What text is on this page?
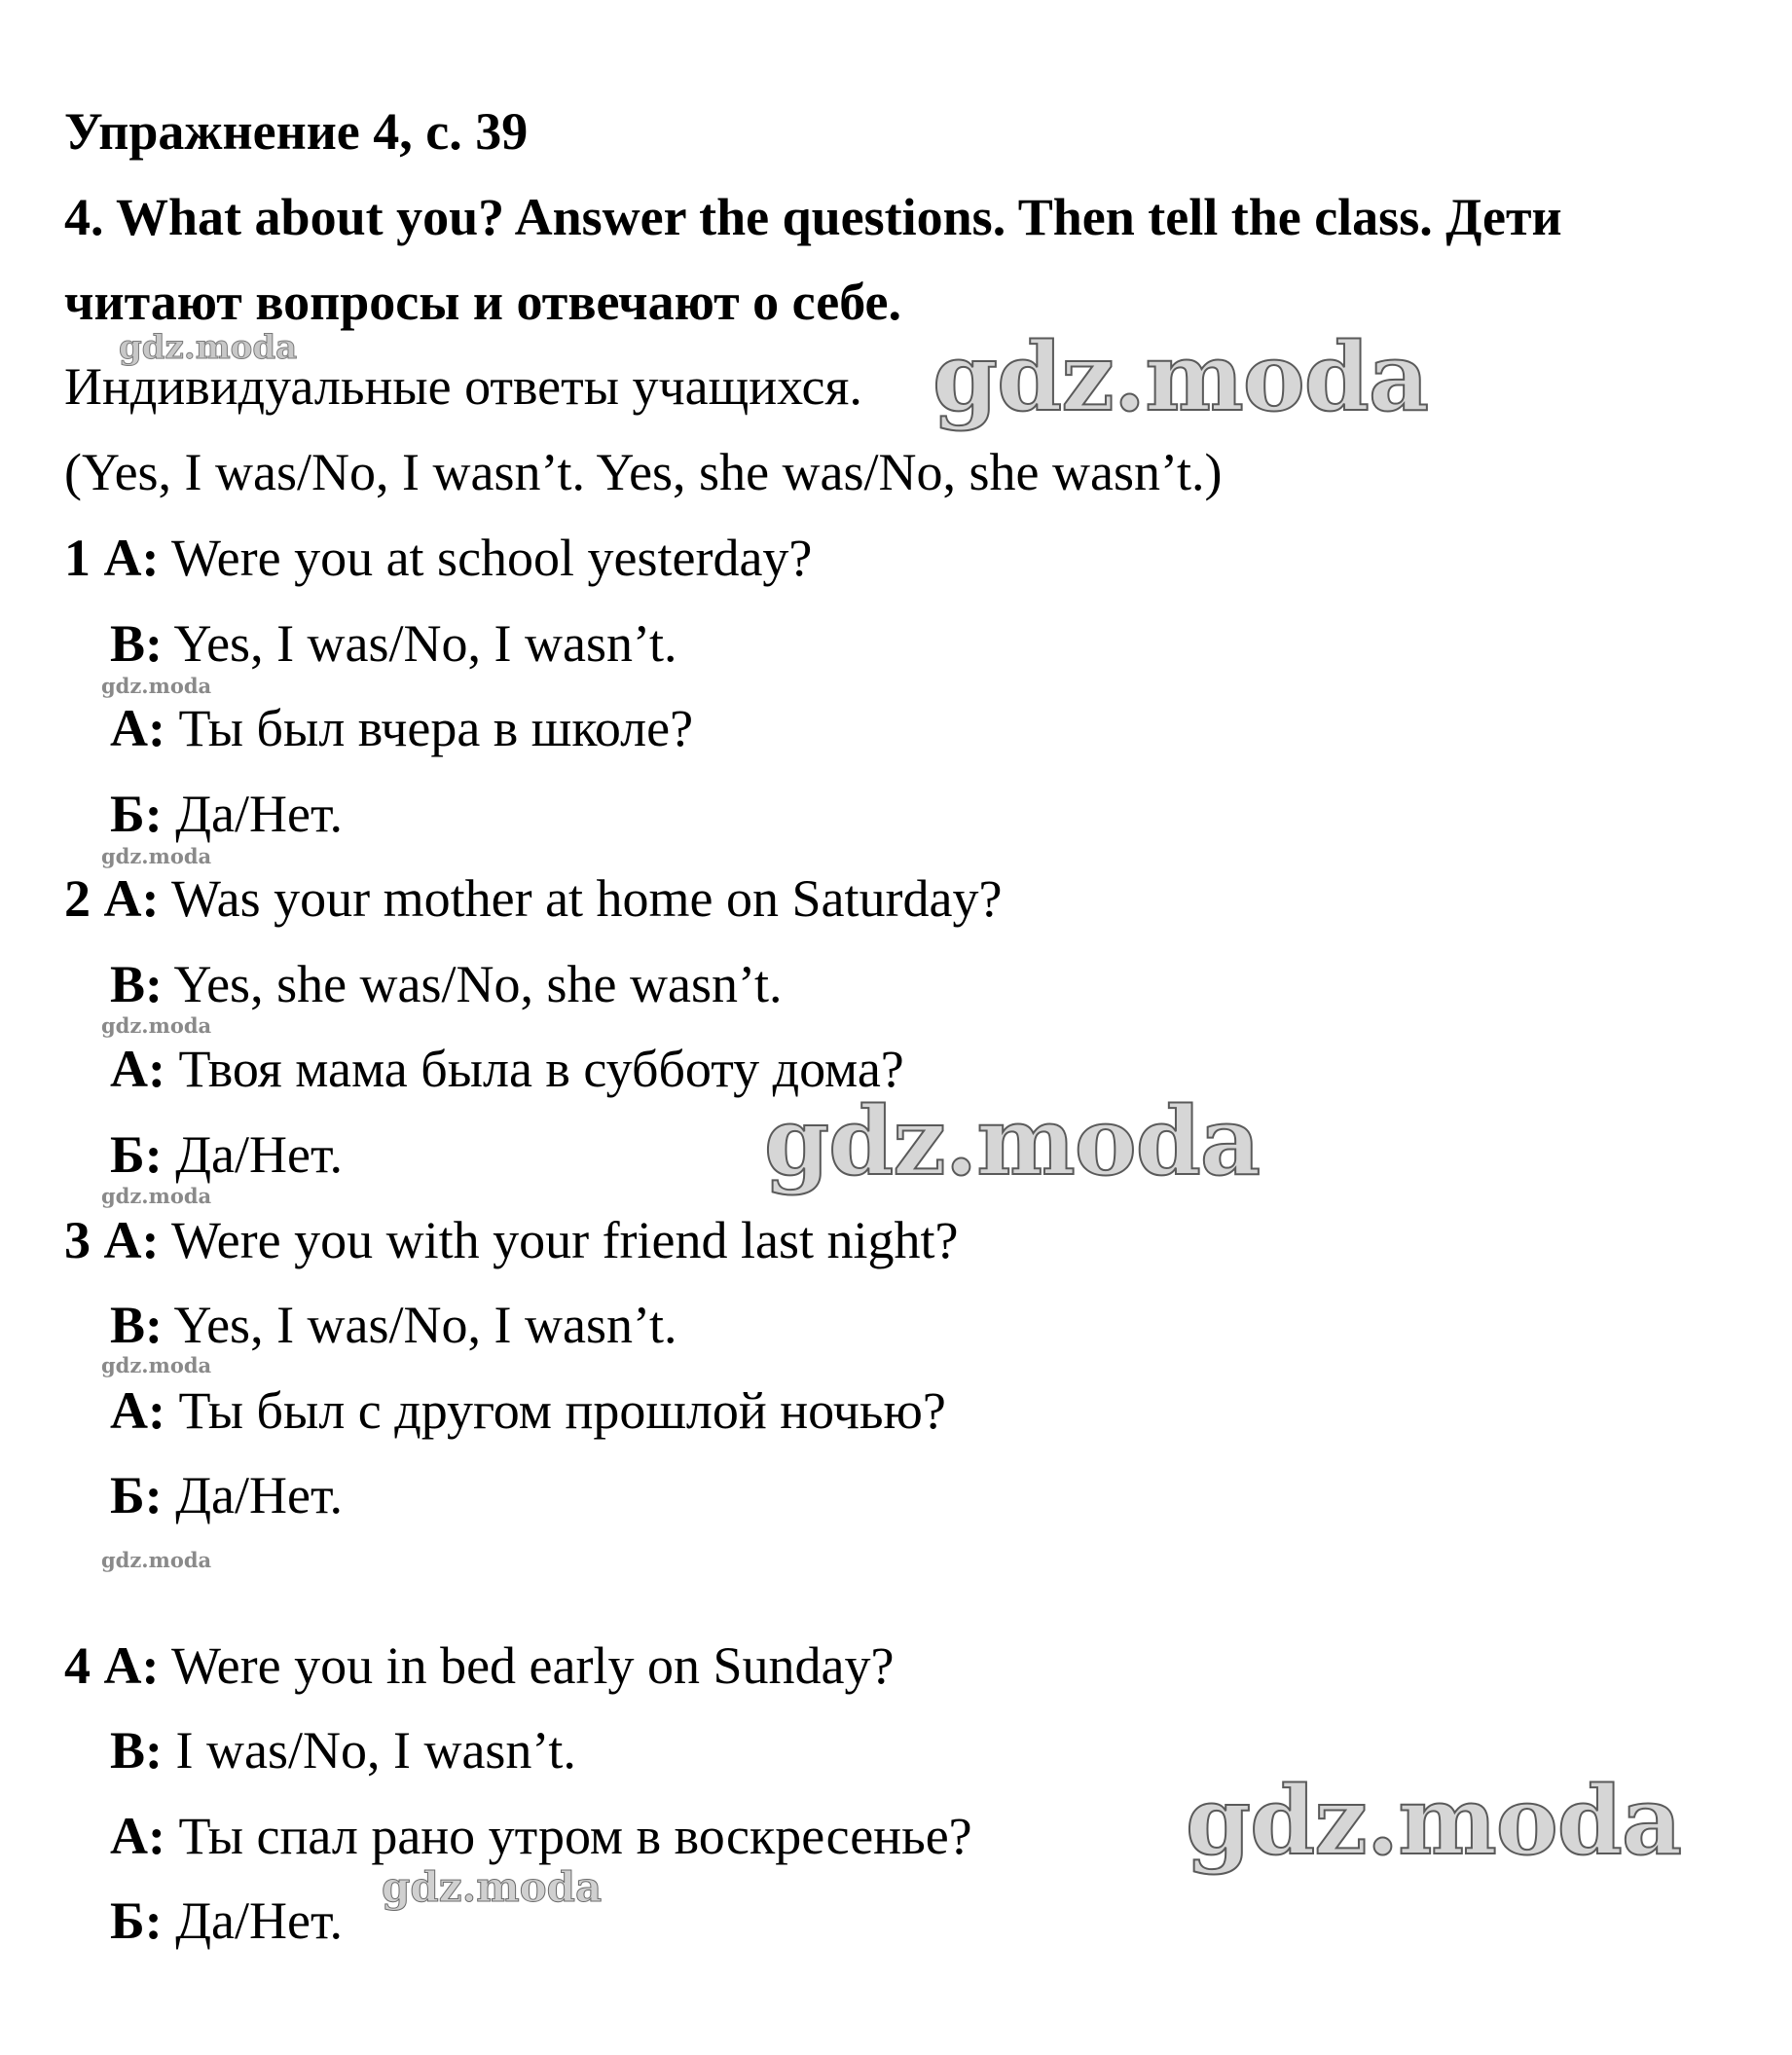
Упражнение 4, с. 39
4. What about you? Answer the questions. Then tell the class. Дети
читают вопросы и отвечают о себе.
Индивидуальные ответы учащихся.
(Yes, I was/No, I wasn’t. Yes, she was/No, she wasn’t.)
1 A: Were you at school yesterday?
B: Yes, I was/No, I wasn’t.
А: Ты был вчера в школе?
Б: Да/Нет.
2 A: Was your mother at home on Saturday?
B: Yes, she was/No, she wasn’t.
А: Твоя мама была в субботу дома?
Б: Да/Нет.
3 A: Were you with your friend last night?
B: Yes, I was/No, I wasn’t.
А: Ты был с другом прошлой ночью?
Б: Да/Нет.
4 A: Were you in bed early on Sunday?
B: I was/No, I wasn’t.
А: Ты спал рано утром в воскресенье?
Б: Да/Нет.
gdz.moda	gdz.moda
gdz.moda
gdz.moda
gdz.moda
gdz.moda
gdz.moda
gdz.moda
gdz.moda
gdz.moda
gdz.moda
